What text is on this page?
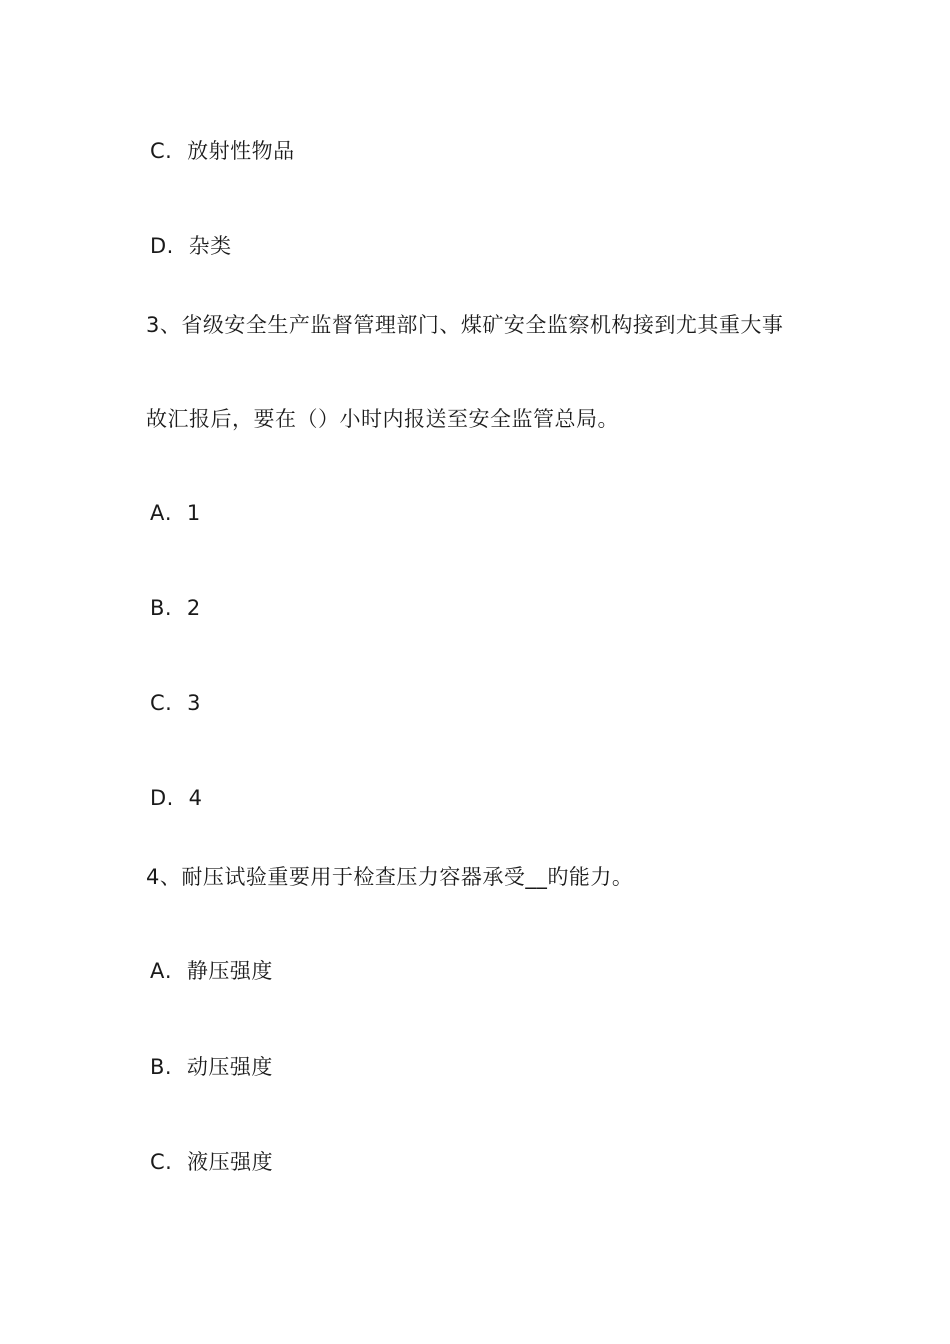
C. 放射性物品
D. 杂类
3、省级安全生产监督管理部门、煤矿安全监察机构接到尤其重大事
故汇报后，要在（）小时内报送至安全监管总局。
A. 1
B. 2
C. 3
D. 4
4、耐压试验重要用于检查压力容器承受__旳能力。
A. 静压强度
B. 动压强度
C. 液压强度
